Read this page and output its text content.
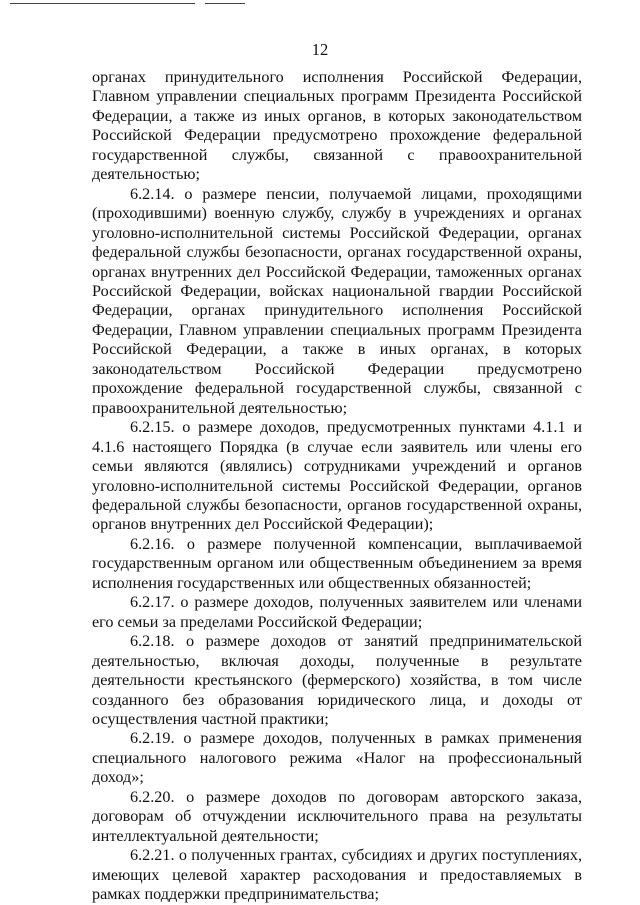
12

органах принудительного исполнения Российской Федерации, Главном управлении специальных программ Президента Российской Федерации, а также из иных органов, в которых законодательством Российской Федерации предусмотрено прохождение федеральной государственной службы, связанной с правоохранительной деятельностью;

6.2.14. о размере пенсии, получаемой лицами, проходящими (проходившими) военную службу, службу в учреждениях и органах уголовно-исполнительной системы Российской Федерации, органах федеральной службы безопасности, органах государственной охраны, органах внутренних дел Российской Федерации, таможенных органах Российской Федерации, войсках национальной гвардии Российской Федерации, органах принудительного исполнения Российской Федерации, Главном управлении специальных программ Президента Российской Федерации, а также в иных органах, в которых законодательством Российской Федерации предусмотрено прохождение федеральной государственной службы, связанной с правоохранительной деятельностью;

6.2.15. о размере доходов, предусмотренных пунктами 4.1.1 и 4.1.6 настоящего Порядка (в случае если заявитель или члены его семьи являются (являлись) сотрудниками учреждений и органов уголовно-исполнительной системы Российской Федерации, органов федеральной службы безопасности, органов государственной охраны, органов внутренних дел Российской Федерации);

6.2.16. о размере полученной компенсации, выплачиваемой государственным органом или общественным объединением за время исполнения государственных или общественных обязанностей;

6.2.17. о размере доходов, полученных заявителем или членами его семьи за пределами Российской Федерации;

6.2.18. о размере доходов от занятий предпринимательской деятельностью, включая доходы, полученные в результате деятельности крестьянского (фермерского) хозяйства, в том числе созданного без образования юридического лица, и доходы от осуществления частной практики;

6.2.19. о размере доходов, полученных в рамках применения специального налогового режима «Налог на профессиональный доход»;

6.2.20. о размере доходов по договорам авторского заказа, договорам об отчуждении исключительного права на результаты интеллектуальной деятельности;

6.2.21. о полученных грантах, субсидиях и других поступлениях, имеющих целевой характер расходования и предоставляемых в рамках поддержки предпринимательства;
